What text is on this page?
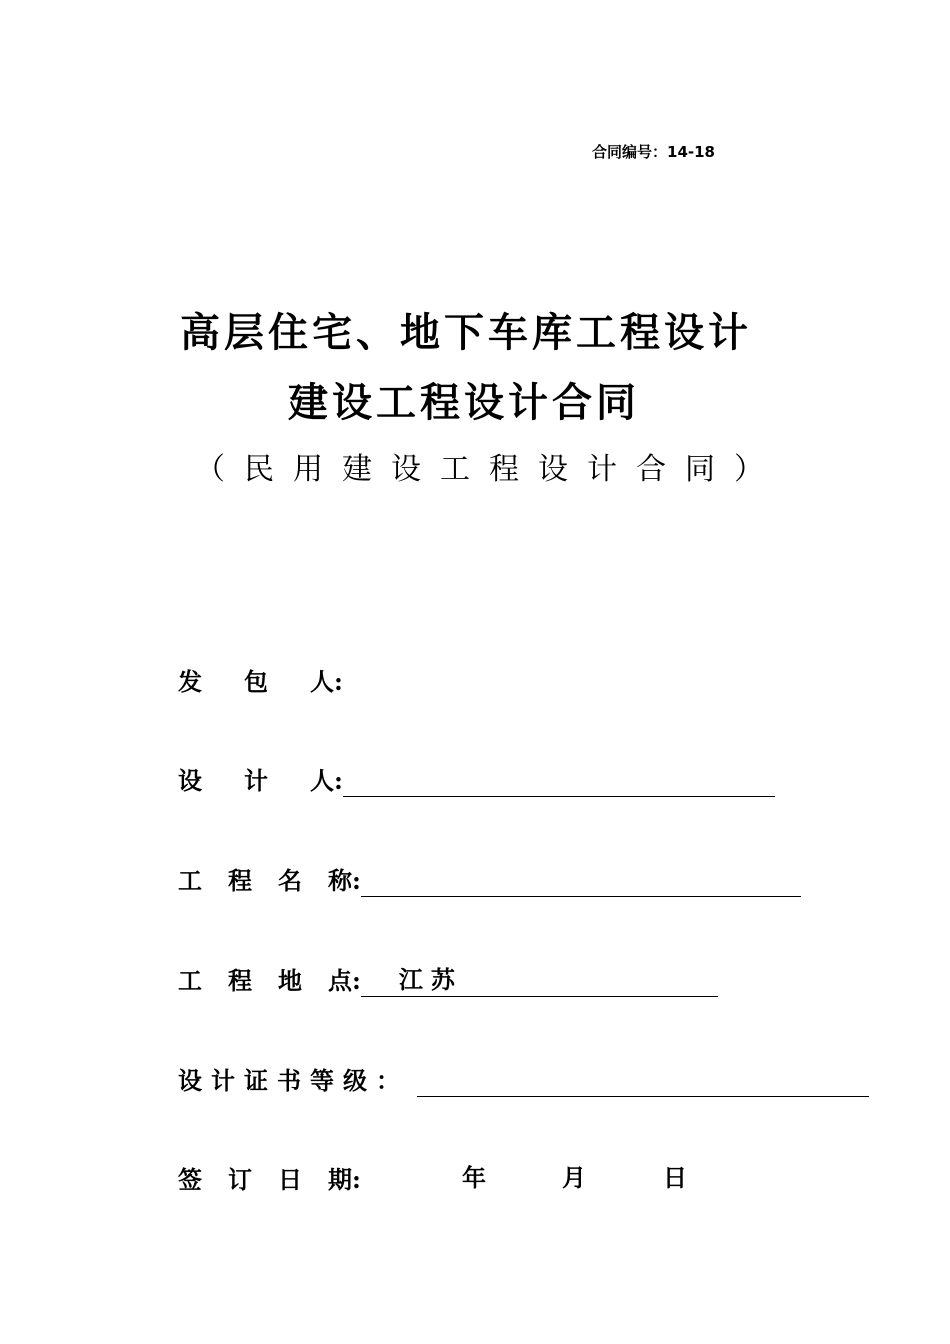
合同编号：14-18
高层住宅、地下车库工程设计
建设工程设计合同
（民用建设工程设计合同）
发 包 人:
设 计 人:
工 程 名 称:
工 程 地 点:	江苏
设计证书等级：
签 订 日 期:	年	月	日
